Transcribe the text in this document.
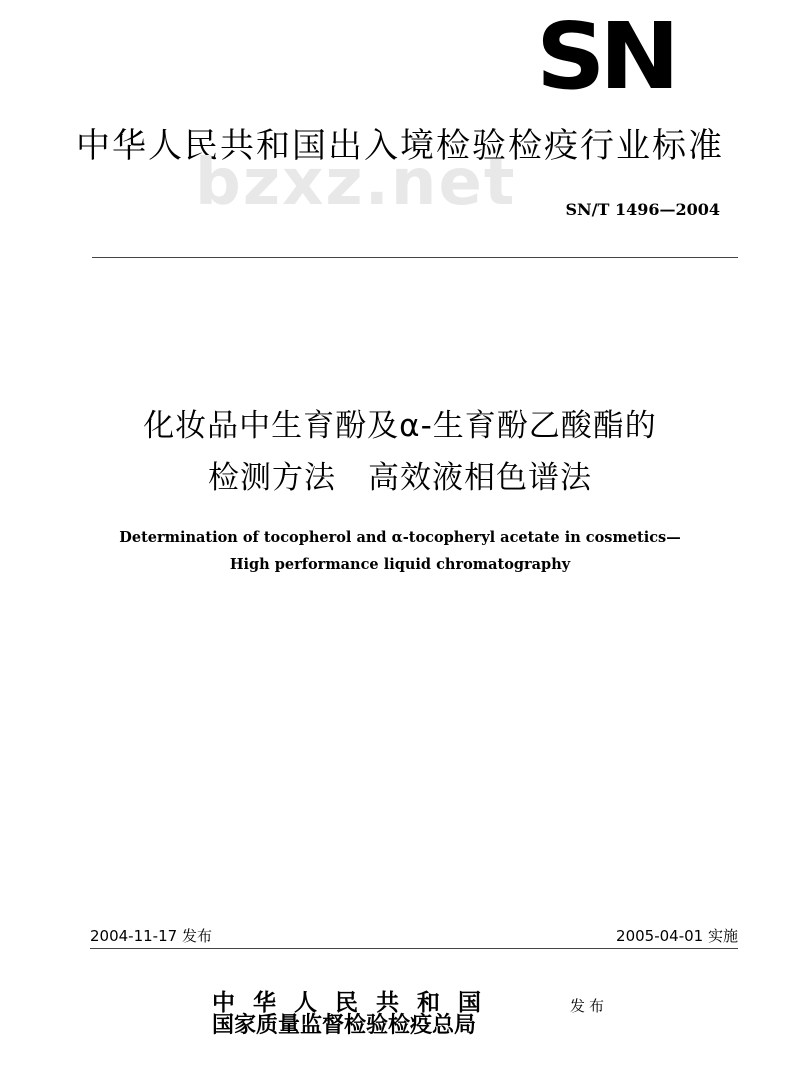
SN
中华人民共和国出入境检验检疫行业标准
bzxz.net	SN/T 1496—2004
化妆品中生育酚及α-生育酚乙酸酯的
检测方法　高效液相色谱法
Determination of tocopherol and α-tocopheryl acetate in cosmetics—
High performance liquid chromatography
2004-11-17 发布	2005-04-01 实施
中华人民共和国
国家质量监督检验检疫总局
发布
